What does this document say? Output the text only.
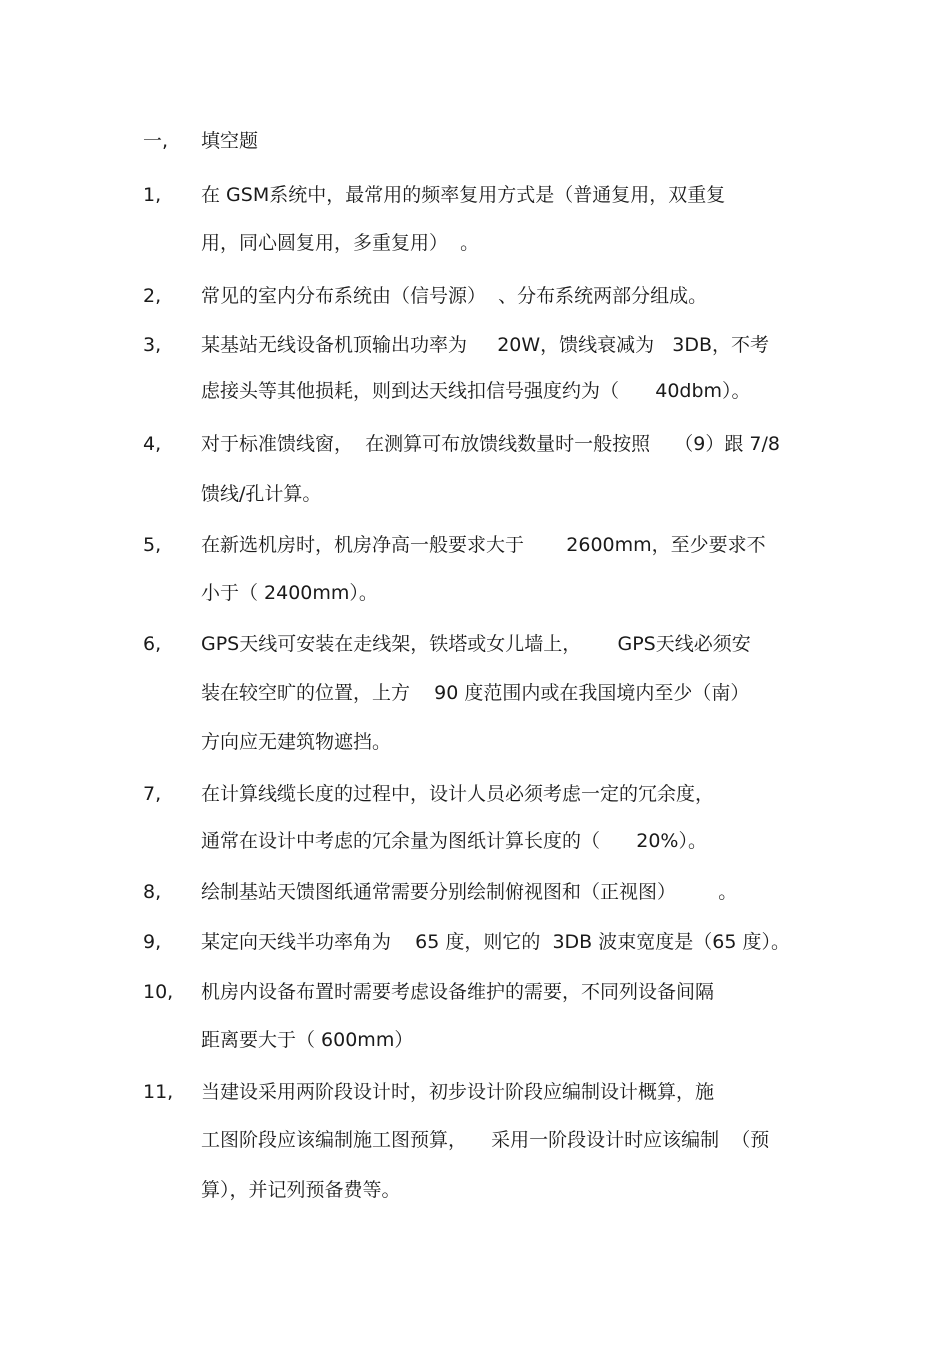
一, 填空题
1, 在 GSM系统中，最常用的频率复用方式是（普通复用，双重复
用，同心圆复用，多重复用）  。
2, 常见的室内分布系统由（信号源）  、分布系统两部分组成。
3, 某基站无线设备机顶输出功率为     20W，馈线衰减为   3DB，不考
虑接头等其他损耗，则到达天线扣信号强度约为（      40dbm）。
4, 对于标准馈线窗，  在测算可布放馈线数量时一般按照    （9）跟 7/8
馈线/孔计算。
5, 在新选机房时，机房净高一般要求大于       2600mm，至少要求不
小于（ 2400mm）。
6, GPS天线可安装在走线架，铁塔或女儿墙上，      GPS天线必须安
装在较空旷的位置，上方    90 度范围内或在我国境内至少（南）
方向应无建筑物遮挡。
7, 在计算线缆长度的过程中，设计人员必须考虑一定的冗余度，
通常在设计中考虑的冗余量为图纸计算长度的（      20%）。
8, 绘制基站天馈图纸通常需要分别绘制俯视图和（正视图）       。
9, 某定向天线半功率角为    65 度，则它的  3DB 波束宽度是（65 度）。
10, 机房内设备布置时需要考虑设备维护的需要，不同列设备间隔
距离要大于（ 600mm）
11, 当建设采用两阶段设计时，初步设计阶段应编制设计概算，施
工图阶段应该编制施工图预算，    采用一阶段设计时应该编制  （预
算），并记列预备费等。
